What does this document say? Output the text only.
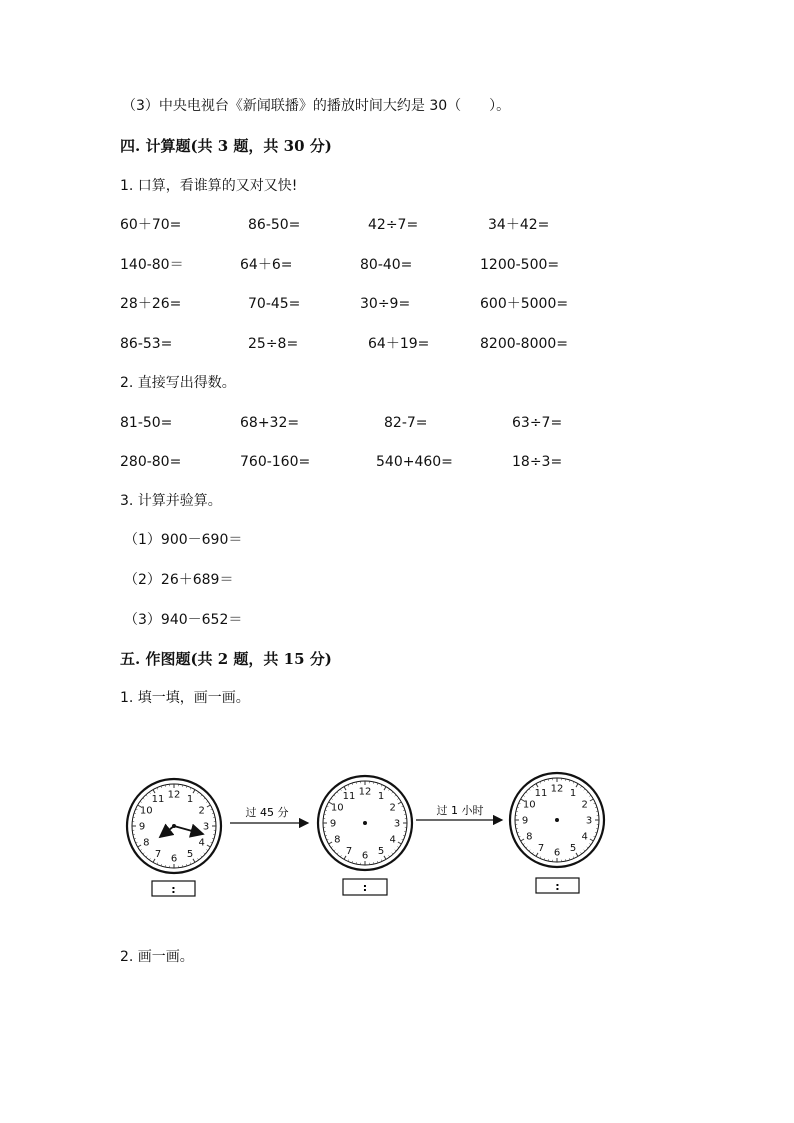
（3）中央电视台《新闻联播》的播放时间大约是 30（　　）。
四. 计算题(共 3 题，共 30 分)
1. 口算，看谁算的又对又快!
60＋70=	86-50=	42÷7=	34＋42=
140-80＝	64＋6=	80-40=	1200-500=
28＋26=	70-45=	30÷9=	600＋5000=
86-53=	25÷8=	64＋19=	8200-8000=
2. 直接写出得数。
81-50=	68+32=	82-7=	63÷7=
280-80=	760-160=	540+460=	18÷3=
3. 计算并验算。
（1）900－690＝
（2）26＋689＝
（3）940－652＝
五. 作图题(共 2 题，共 15 分)
1. 填一填，画一画。
12 1
2
3
4
5
6
7
8
9
10
11
:
过 45 分
12 1
2
3
4
5
6
7
8
9
10
11
:
过 1 小时
12 1
2
3
4
5
6
7
8
9
10
11
:
2. 画一画。
